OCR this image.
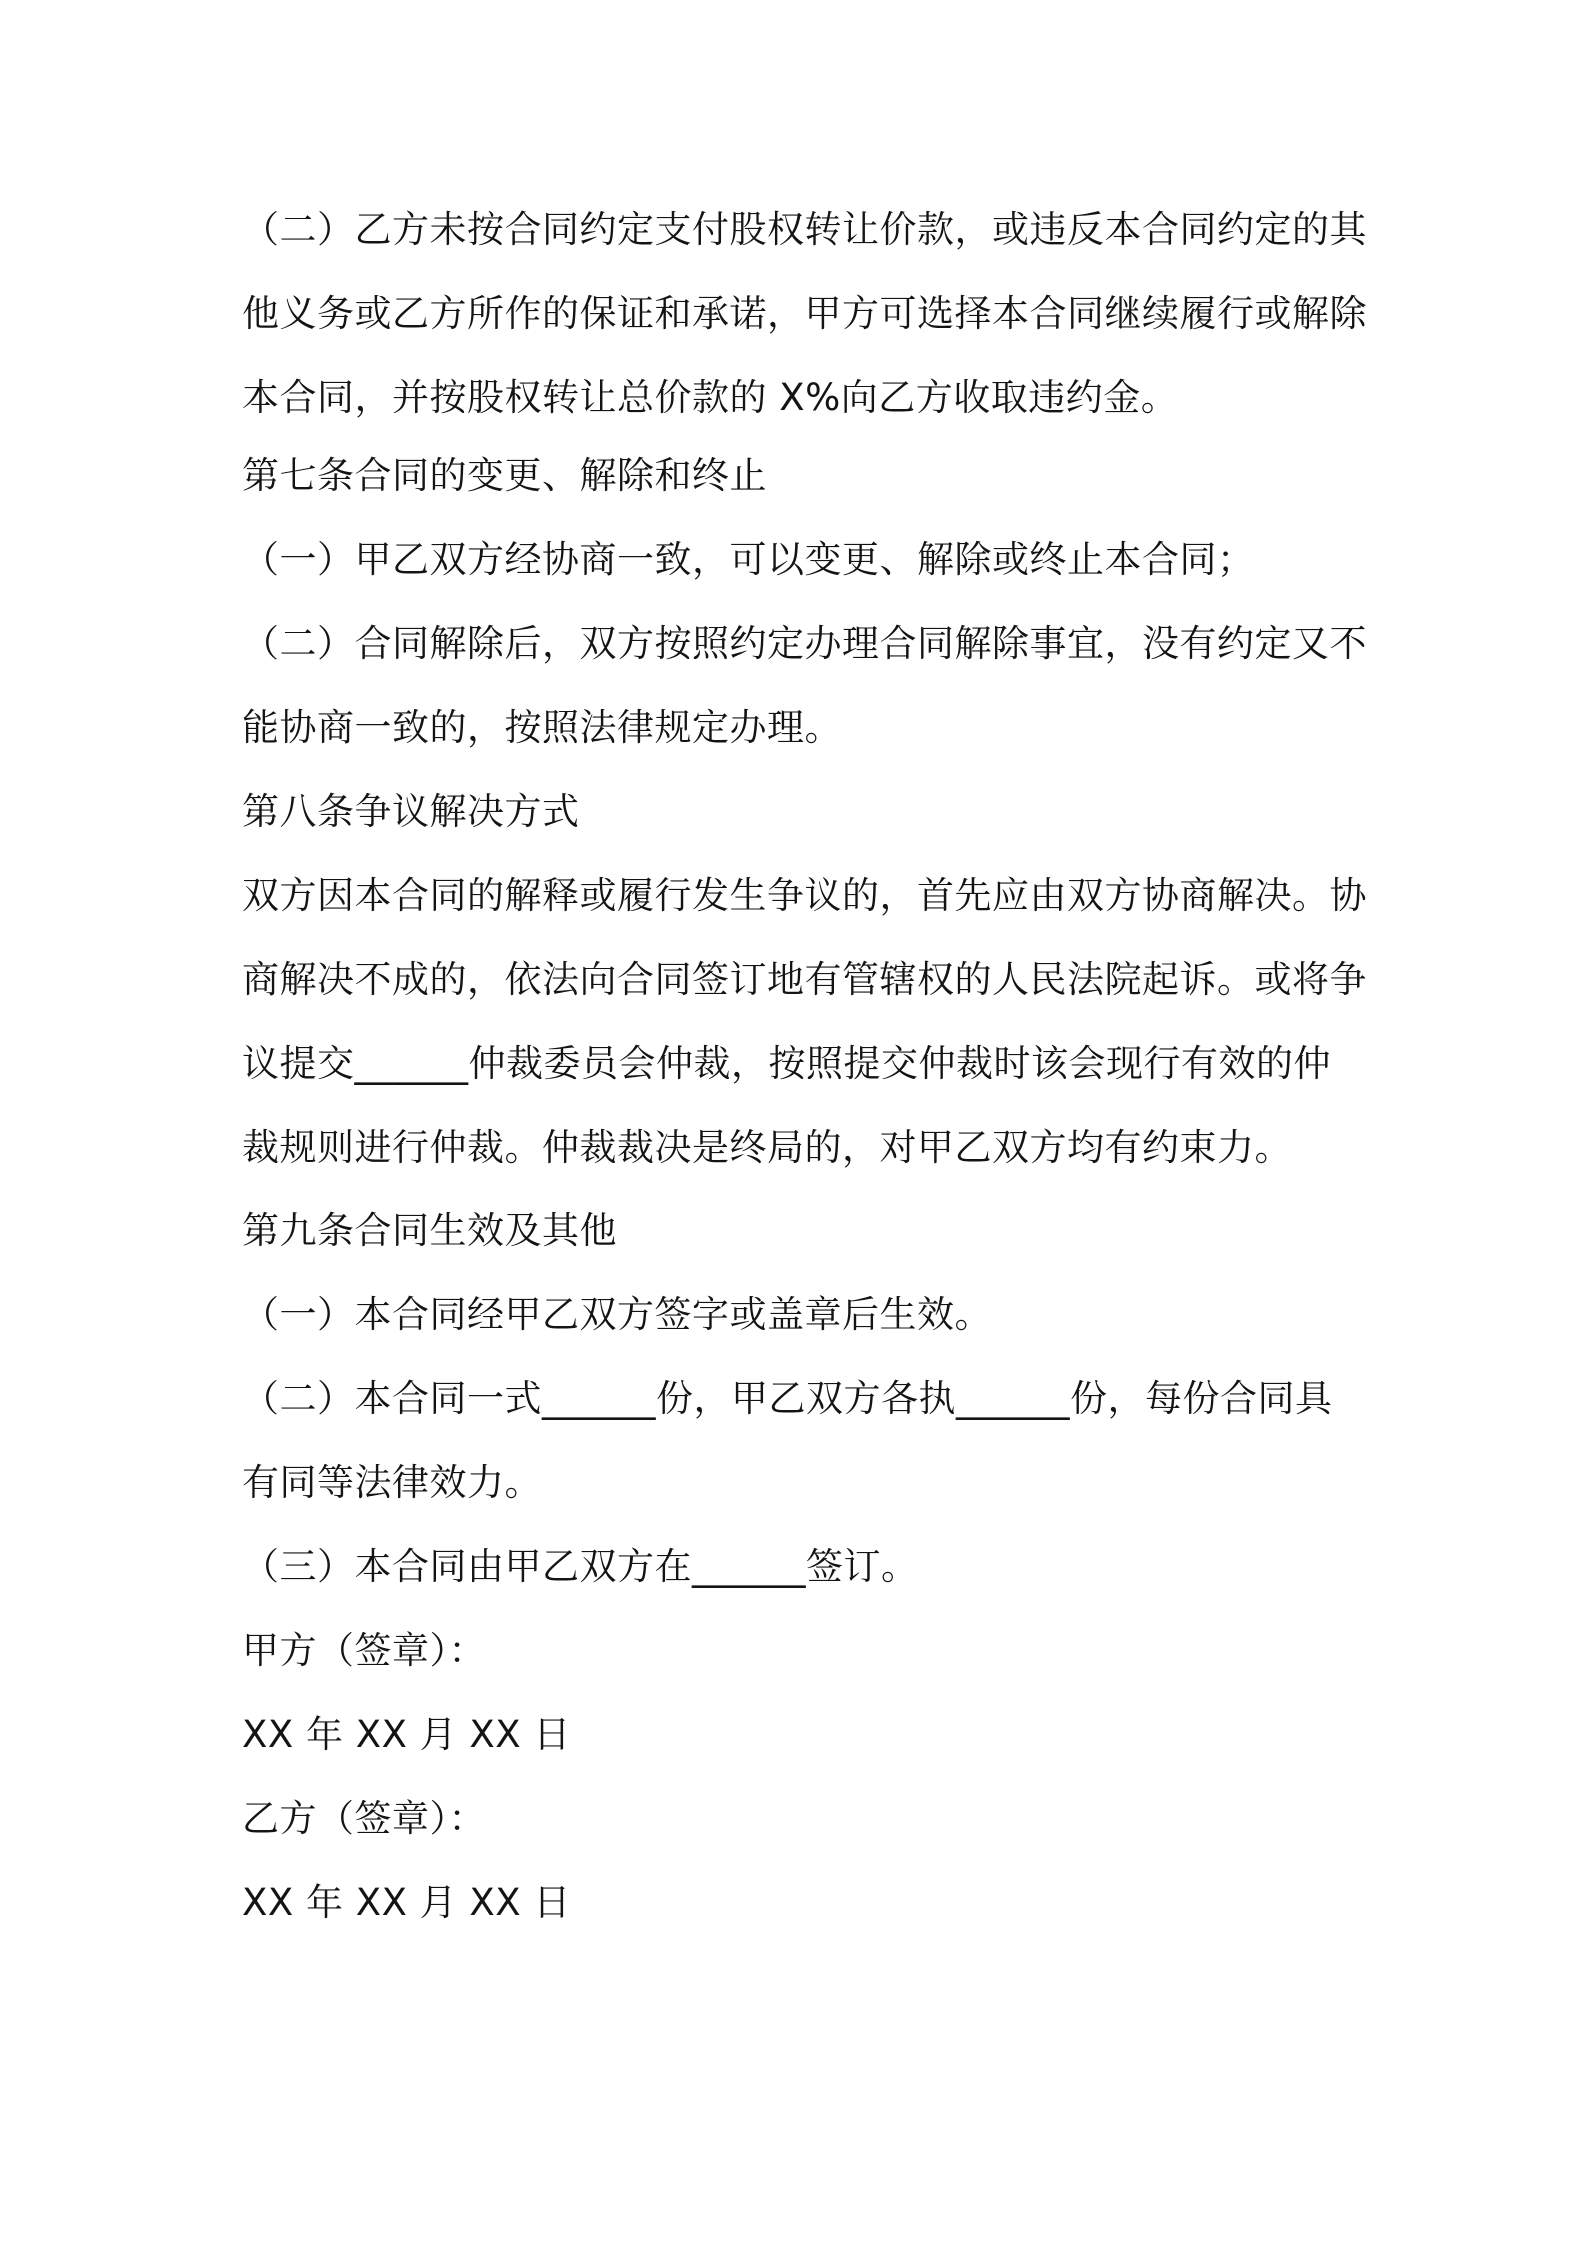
（二）乙方未按合同约定支付股权转让价款，或违反本合同约定的其
他义务或乙方所作的保证和承诺，甲方可选择本合同继续履行或解除
本合同，并按股权转让总价款的 X%向乙方收取违约金。
第七条合同的变更、解除和终止
（一）甲乙双方经协商一致，可以变更、解除或终止本合同；
（二）合同解除后，双方按照约定办理合同解除事宜，没有约定又不
能协商一致的，按照法律规定办理。
第八条争议解决方式
双方因本合同的解释或履行发生争议的，首先应由双方协商解决。协
商解决不成的，依法向合同签订地有管辖权的人民法院起诉。或将争
议提交______仲裁委员会仲裁，按照提交仲裁时该会现行有效的仲
裁规则进行仲裁。仲裁裁决是终局的，对甲乙双方均有约束力。
第九条合同生效及其他
（一）本合同经甲乙双方签字或盖章后生效。
（二）本合同一式______份，甲乙双方各执______份，每份合同具
有同等法律效力。
（三）本合同由甲乙双方在______签订。
甲方（签章）：
XX 年 XX 月 XX 日
乙方（签章）：
XX 年 XX 月 XX 日
